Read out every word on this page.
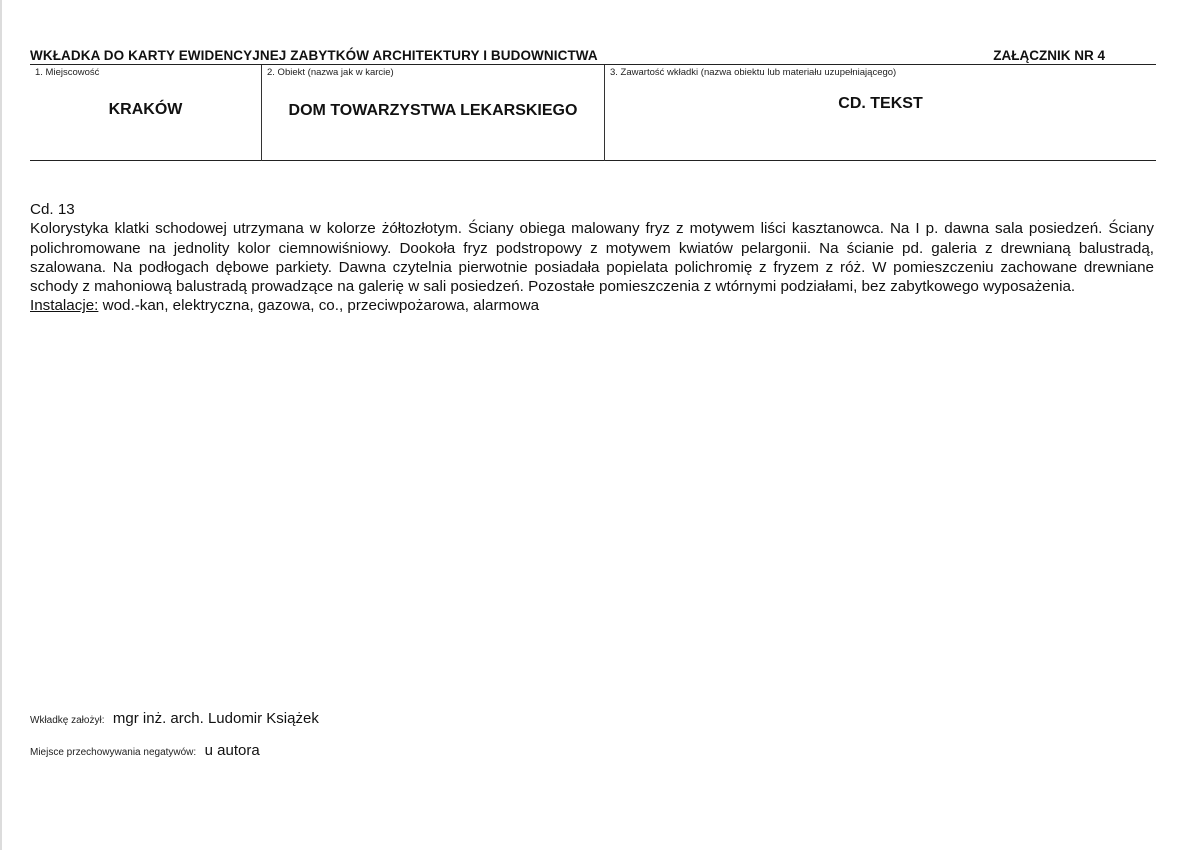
WKŁADKA DO KARTY EWIDENCYJNEJ ZABYTKÓW ARCHITEKTURY I BUDOWNICTWA	ZAŁĄCZNIK NR 4
1. Miejscowość
KRAKÓW
2. Obiekt (nazwa jak w karcie)
DOM TOWARZYSTWA LEKARSKIEGO
3. Zawartość wkładki (nazwa obiektu lub materiału uzupełniającego)
CD. TEKST

Cd. 13

Kolorystyka klatki schodowej utrzymana w kolorze żółtozłotym. Ściany obiega malowany fryz z motywem liści kasztanowca. Na I p. dawna sala posiedzeń. Ściany polichromowane na jednolity kolor ciemnowiśniowy. Dookoła fryz podstropowy z motywem kwiatów pelargonii. Na ścianie pd. galeria z drewnianą balustradą, szalowana. Na podłogach dębowe parkiety. Dawna czytelnia pierwotnie posiadała popielata polichromię z fryzem z róż. W pomieszczeniu zachowane drewniane schody z mahoniową balustradą prowadzące na galerię w sali posiedzeń. Pozostałe pomieszczenia z wtórnymi podziałami, bez zabytkowego wyposażenia.

Instalacje: wod.-kan, elektryczna, gazowa, co., przeciwpożarowa, alarmowa

Wkładkę założył: mgr inż. arch. Ludomir Książek
Miejsce przechowywania negatywów: u autora
